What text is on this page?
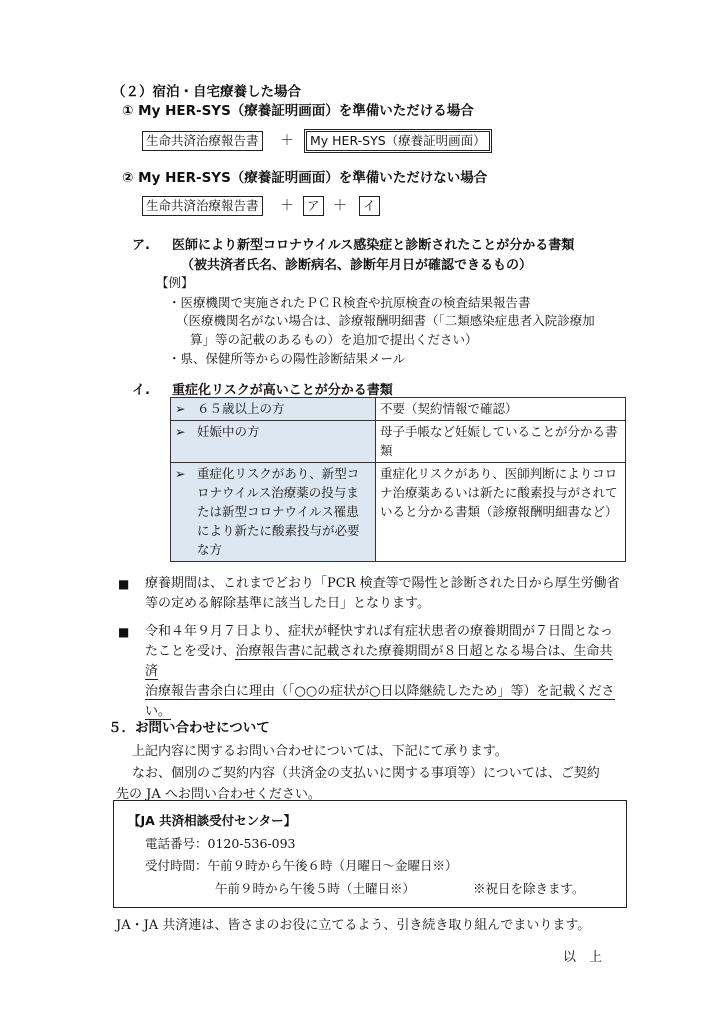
（２）宿泊・自宅療養した場合
① My HER-SYS（療養証明画面）を準備いただける場合
生命共済治療報告書 ＋	My HER-SYS（療養証明画面）
② My HER-SYS（療養証明画面）を準備いただけない場合
生命共済治療報告書 ＋	ア ＋	イ
ア. 医師により新型コロナウイルス感染症と診断されたことが分かる書類
（被共済者氏名、診断病名、診断年月日が確認できるもの）
【例】
・医療機関で実施されたＰＣＲ検査や抗原検査の検査結果報告書
（医療機関名がない場合は、診療報酬明細書（「二類感染症患者入院診療加
算」等の記載のあるもの）を追加で提出ください）
・県、保健所等からの陽性診断結果メール
イ. 重症化リスクが高いことが分かる書類
➢ ６５歳以上の方	不要（契約情報で確認）
➢ 妊娠中の方	母子手帳など妊娠していることが分かる書類

➢ 重症化リスクがあり、新型コロナウイルス治療薬の投与または新型コロナウイルス罹患により新たに酸素投与が必要な方	重症化リスクがあり、医師判断によりコロナ治療薬あるいは新たに酸素投与がされていると分かる書類（診療報酬明細書など）
■ 療養期間は、これまでどおり「PCR 検査等で陽性と診断された日から厚生労働省
等の定める解除基準に該当した日」となります。
■ 令和４年９月７日より、症状が軽快すれば有症状患者の療養期間が７日間となっ
たことを受け、治療報告書に記載された療養期間が８日超となる場合は、生命共済
治療報告書余白に理由（「○○の症状が○日以降継続したため」等）を記載くださ
い。
５．お問い合わせについて
上記内容に関するお問い合わせについては、下記にて承ります。
なお、個別のご契約内容（共済金の支払いに関する事項等）については、ご契約
先の JA へお問い合わせください。
【JA 共済相談受付センター】
電話番号：0120-536-093
受付時間：午前９時から午後６時（月曜日～金曜日※）
午前９時から午後５時（土曜日※）	※祝日を除きます。
JA・JA 共済連は、皆さまのお役に立てるよう、引き続き取り組んでまいります。
以　上
